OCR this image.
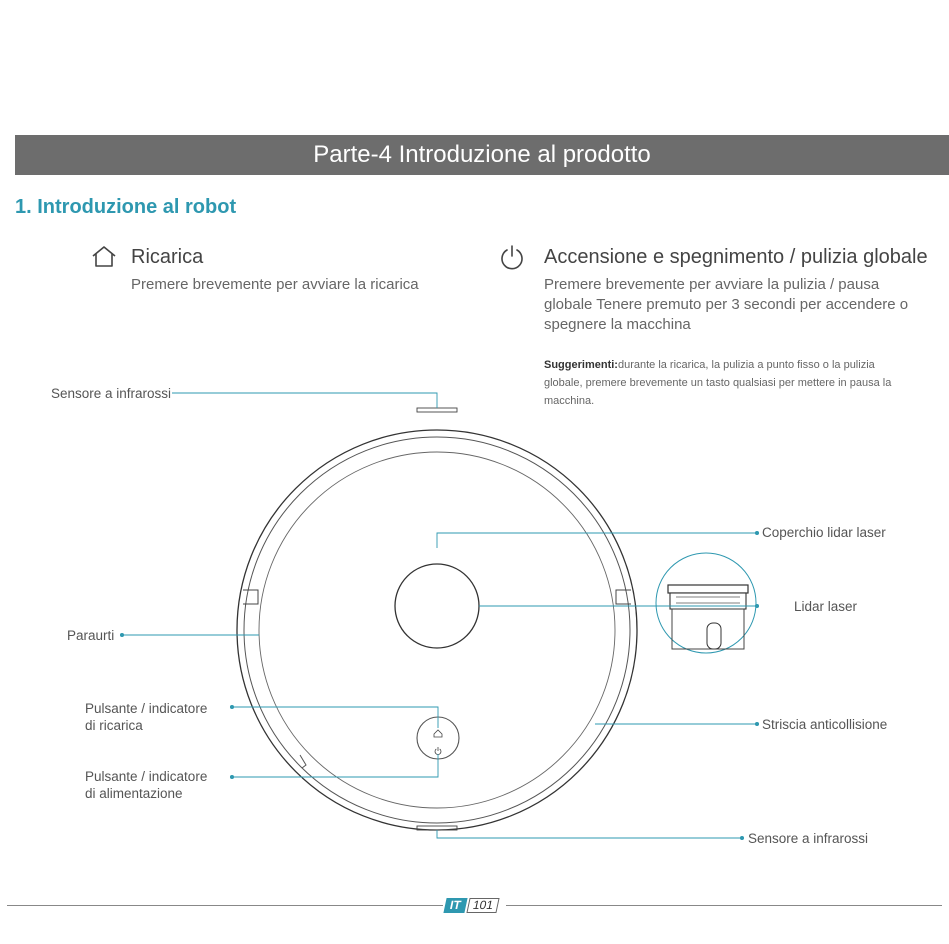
Parte-4 Introduzione al prodotto
1. Introduzione al robot
Ricarica
Premere brevemente per avviare la ricarica
Accensione e spegnimento / pulizia globale
Premere brevemente per avviare la pulizia / pausa globale Tenere premuto per 3 secondi per accendere o spegnere la macchina
Suggerimenti:durante la ricarica, la pulizia a punto fisso o la pulizia globale, premere brevemente un tasto qualsiasi per mettere in pausa la macchina.
Sensore a infrarossi
Paraurti
Pulsante / indicatore
di ricarica
Pulsante / indicatore
di alimentazione
Coperchio lidar laser
Lidar laser
Striscia anticollisione
Sensore a infrarossi
IT 101
